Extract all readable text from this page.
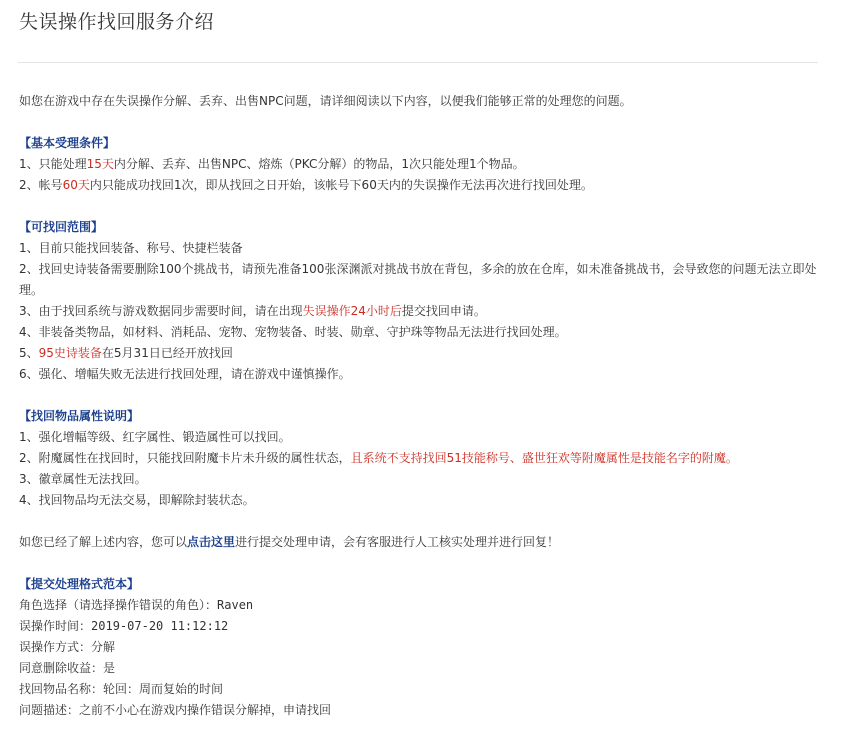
失误操作找回服务介绍
如您在游戏中存在失误操作分解、丢弃、出售NPC问题，请详细阅读以下内容，以便我们能够正常的处理您的问题。
【基本受理条件】
1、只能处理15天内分解、丢弃、出售NPC、熔炼（PKC分解）的物品，1次只能处理1个物品。
2、帐号60天内只能成功找回1次，即从找回之日开始，该帐号下60天内的失误操作无法再次进行找回处理。
【可找回范围】
1、目前只能找回装备、称号、快捷栏装备
2、找回史诗装备需要删除100个挑战书，请预先准备100张深渊派对挑战书放在背包，多余的放在仓库，如未准备挑战书，会导致您的问题无法立即处理。
3、由于找回系统与游戏数据同步需要时间，请在出现失误操作24小时后提交找回申请。
4、非装备类物品，如材料、消耗品、宠物、宠物装备、时装、勋章、守护珠等物品无法进行找回处理。
5、95史诗装备在5月31日已经开放找回
6、强化、增幅失败无法进行找回处理，请在游戏中谨慎操作。
【找回物品属性说明】
1、强化增幅等级、红字属性、锻造属性可以找回。
2、附魔属性在找回时，只能找回附魔卡片未升级的属性状态，且系统不支持找回51技能称号、盛世狂欢等附魔属性是技能名字的附魔。
3、徽章属性无法找回。
4、找回物品均无法交易，即解除封装状态。
如您已经了解上述内容，您可以点击这里进行提交处理申请，会有客服进行人工核实处理并进行回复！
【提交处理格式范本】
角色选择（请选择操作错误的角色）：Raven
误操作时间：2019-07-20 11:12:12
误操作方式：分解
同意删除收益：是
找回物品名称：轮回：周而复始的时间
问题描述：之前不小心在游戏内操作错误分解掉，申请找回
